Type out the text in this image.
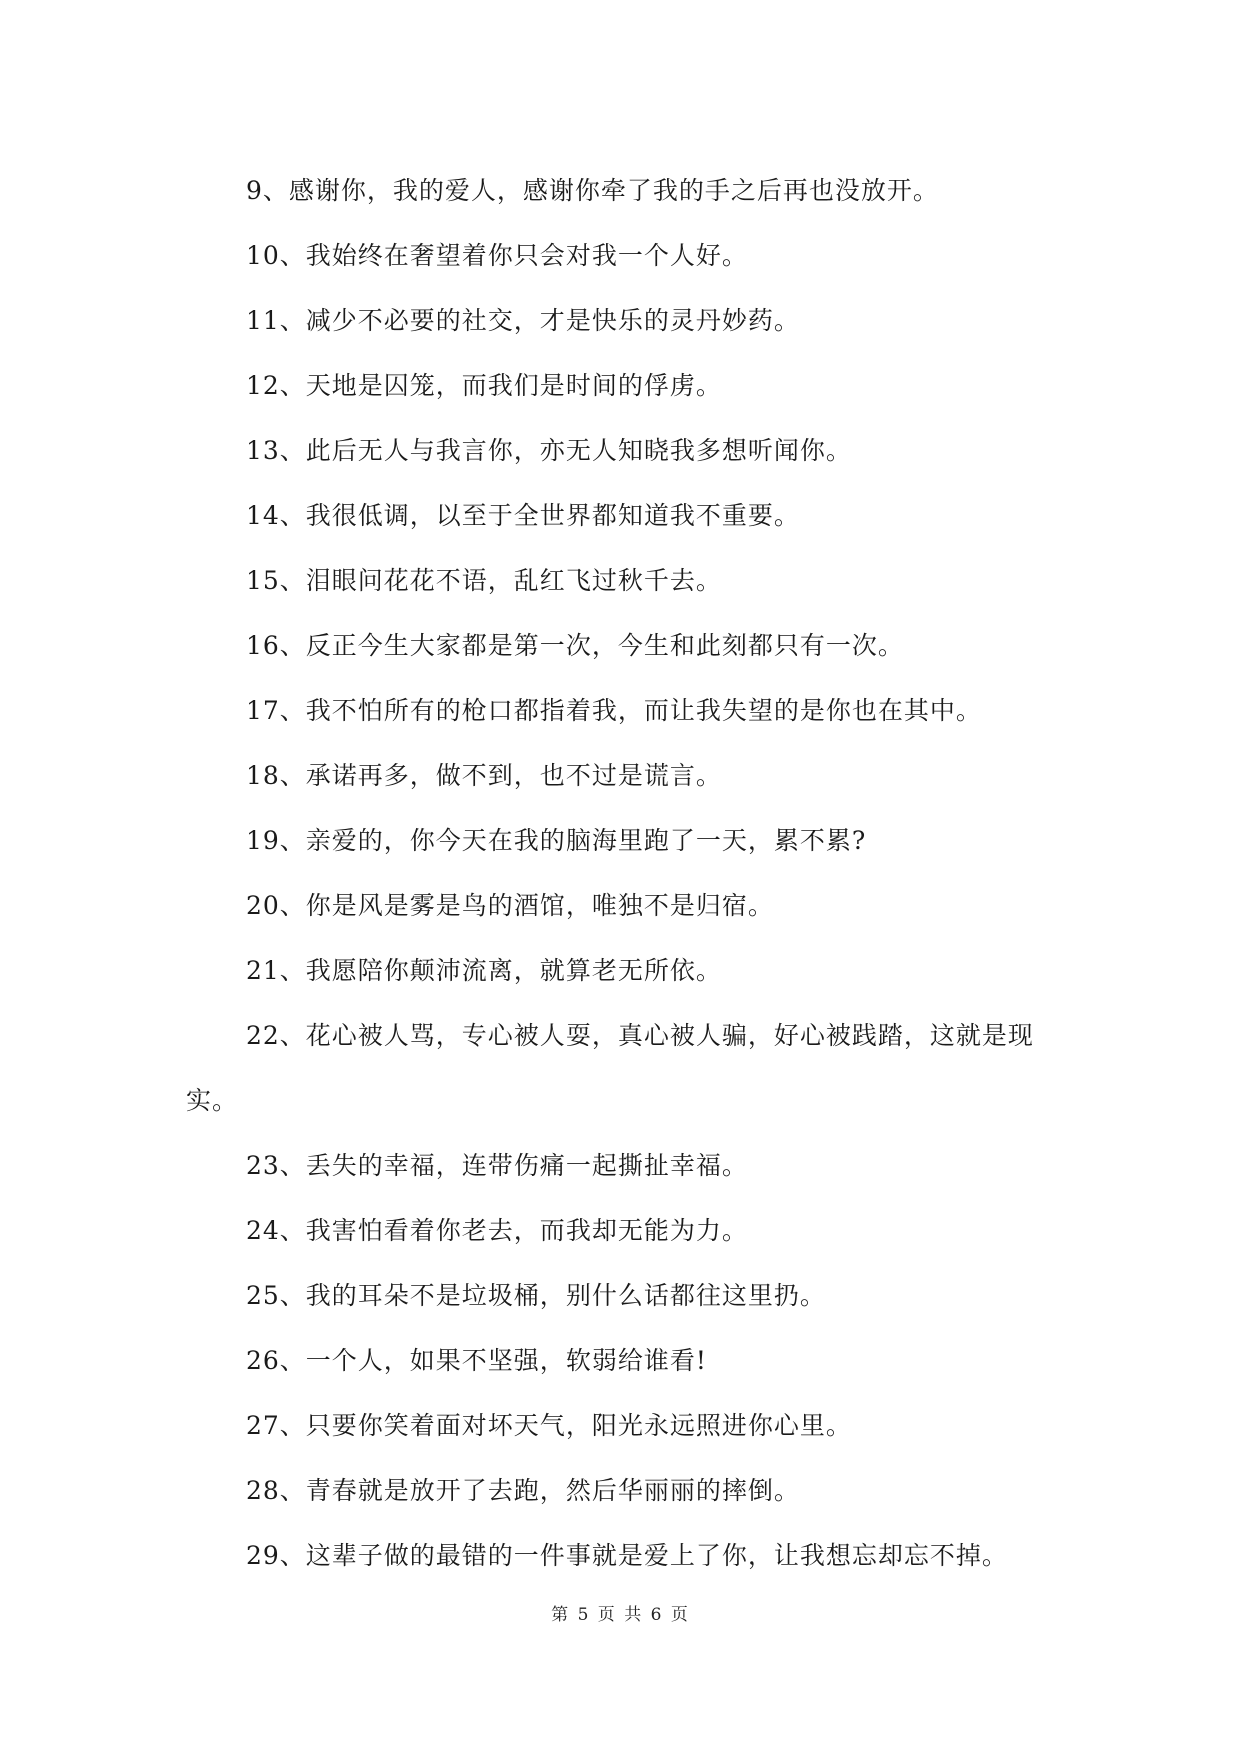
9、感谢你，我的爱人，感谢你牵了我的手之后再也没放开。

10、我始终在奢望着你只会对我一个人好。

11、减少不必要的社交，才是快乐的灵丹妙药。

12、天地是囚笼，而我们是时间的俘虏。

13、此后无人与我言你，亦无人知晓我多想听闻你。

14、我很低调，以至于全世界都知道我不重要。

15、泪眼问花花不语，乱红飞过秋千去。

16、反正今生大家都是第一次，今生和此刻都只有一次。

17、我不怕所有的枪口都指着我，而让我失望的是你也在其中。

18、承诺再多，做不到，也不过是谎言。

19、亲爱的，你今天在我的脑海里跑了一天，累不累?

20、你是风是雾是鸟的酒馆，唯独不是归宿。

21、我愿陪你颠沛流离，就算老无所依。

22、花心被人骂，专心被人耍，真心被人骗，好心被践踏，这就是现实。

23、丢失的幸福，连带伤痛一起撕扯幸福。

24、我害怕看着你老去，而我却无能为力。

25、我的耳朵不是垃圾桶，别什么话都往这里扔。

26、一个人，如果不坚强，软弱给谁看!

27、只要你笑着面对坏天气，阳光永远照进你心里。

28、青春就是放开了去跑，然后华丽丽的摔倒。

29、这辈子做的最错的一件事就是爱上了你，让我想忘却忘不掉。

第 5 页 共 6 页
